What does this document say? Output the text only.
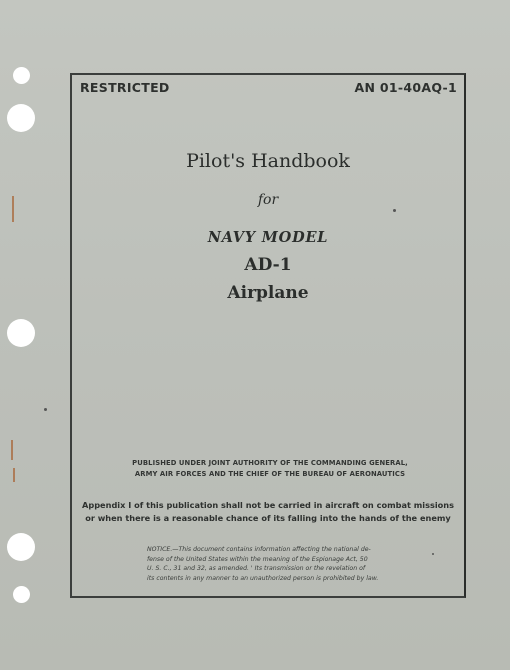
RESTRICTED	AN 01-40AQ-1
Pilot's Handbook
for
NAVY MODEL
AD-1
Airplane
PUBLISHED UNDER JOINT AUTHORITY OF THE COMMANDING GENERAL,
ARMY AIR FORCES AND THE CHIEF OF THE BUREAU OF AERONAUTICS
Appendix I of this publication shall not be carried in aircraft on combat missions
or when there is a reasonable chance of its falling into the hands of the enemy
NOTICE.—This document contains information affecting the national de-
fense of the United States within the meaning of the Espionage Act, 50
U. S. C., 31 and 32, as amended. ' Its transmission or the revelation of
its contents in any manner to an unauthorized person is prohibited by law.
